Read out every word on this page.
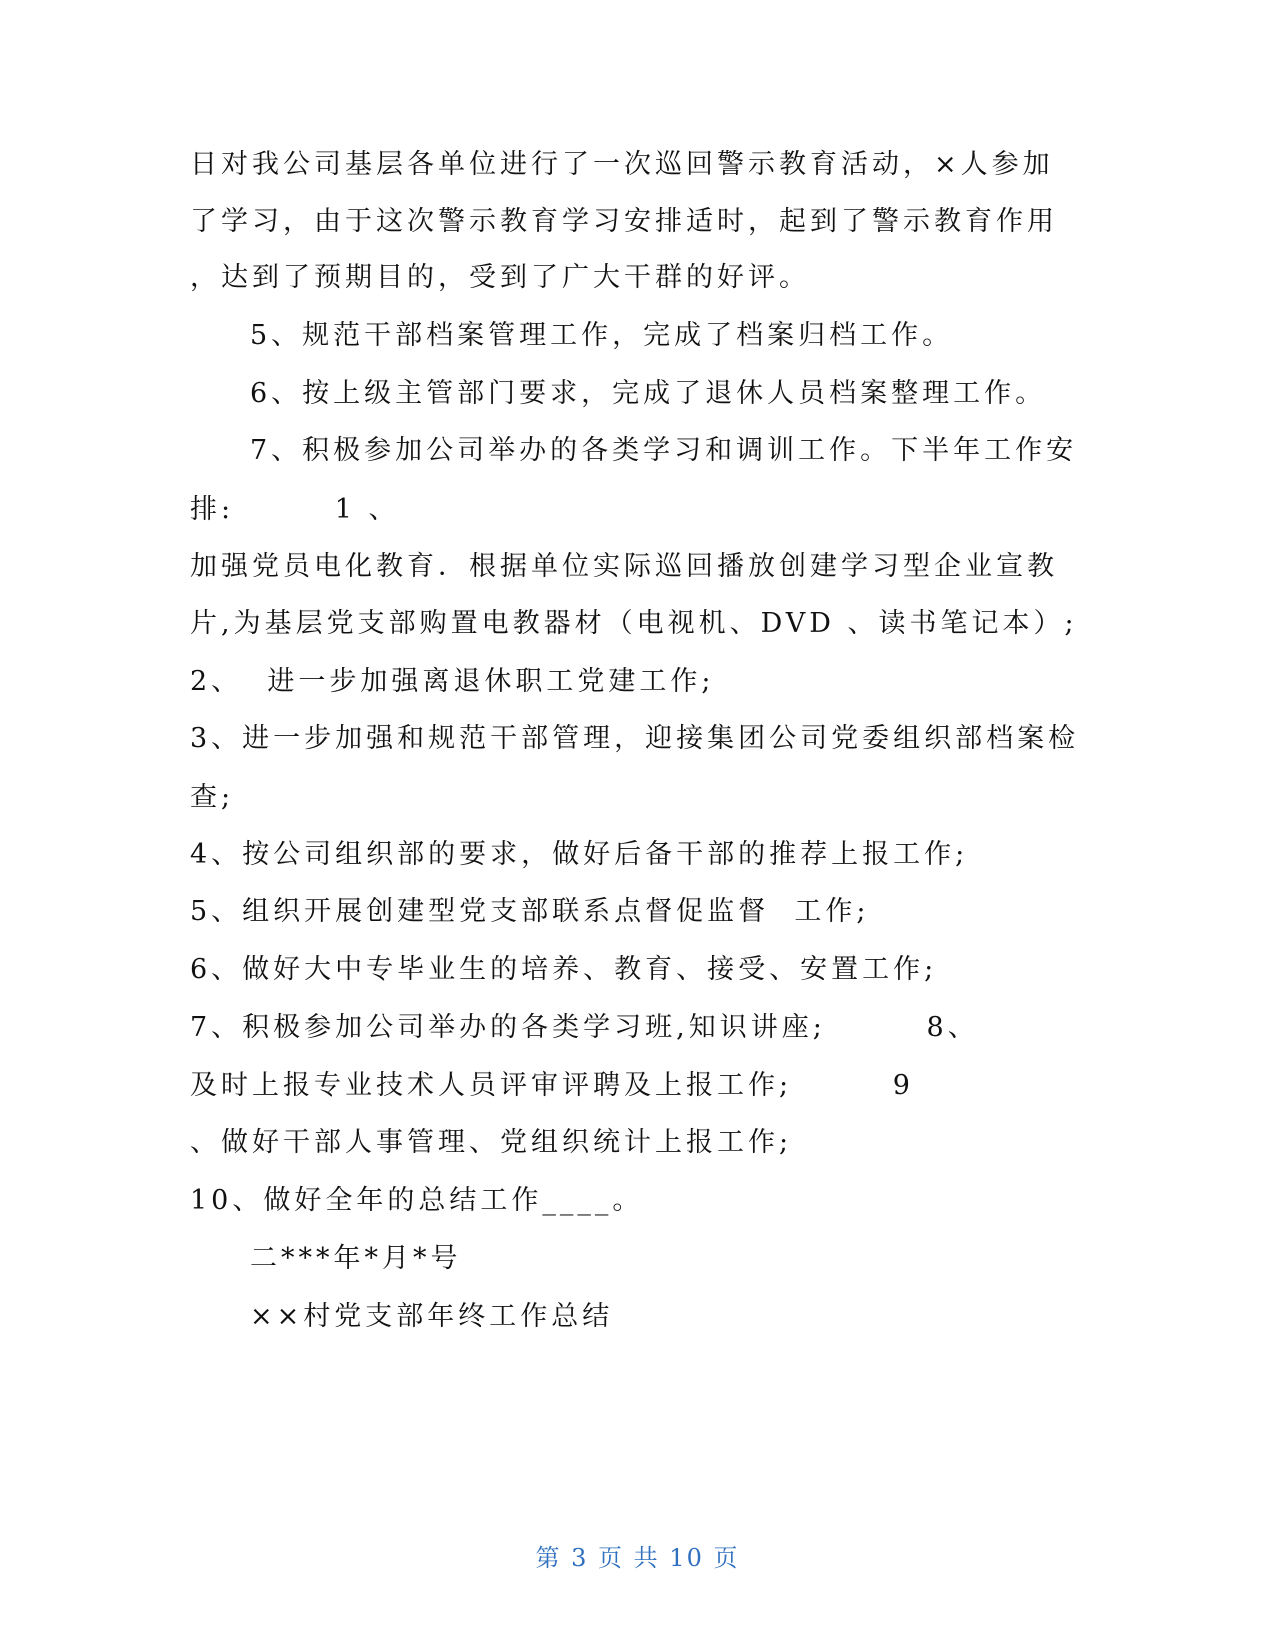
日对我公司基层各单位进行了一次巡回警示教育活动，×人参加
了学习，由于这次警示教育学习安排适时，起到了警示教育作用
，达到了预期目的，受到了广大干群的好评。
5、规范干部档案管理工作，完成了档案归档工作。
6、按上级主管部门要求，完成了退休人员档案整理工作。
7、积极参加公司举办的各类学习和调训工作。下半年工作安
排:        1 、
加强党员电化教育．根据单位实际巡回播放创建学习型企业宣教
片,为基层党支部购置电教器材（电视机、DVD 、读书笔记本）;
2、  进一步加强离退休职工党建工作;
3、进一步加强和规范干部管理，迎接集团公司党委组织部档案检
查;
4、按公司组织部的要求，做好后备干部的推荐上报工作;
5、组织开展创建型党支部联系点督促监督  工作;
6、做好大中专毕业生的培养、教育、接受、安置工作;
7、积极参加公司举办的各类学习班,知识讲座;        8、
及时上报专业技术人员评审评聘及上报工作;        9
、做好干部人事管理、党组织统计上报工作;
10、做好全年的总结工作____。
二***年*月*号
××村党支部年终工作总结
第 3 页 共 10 页
